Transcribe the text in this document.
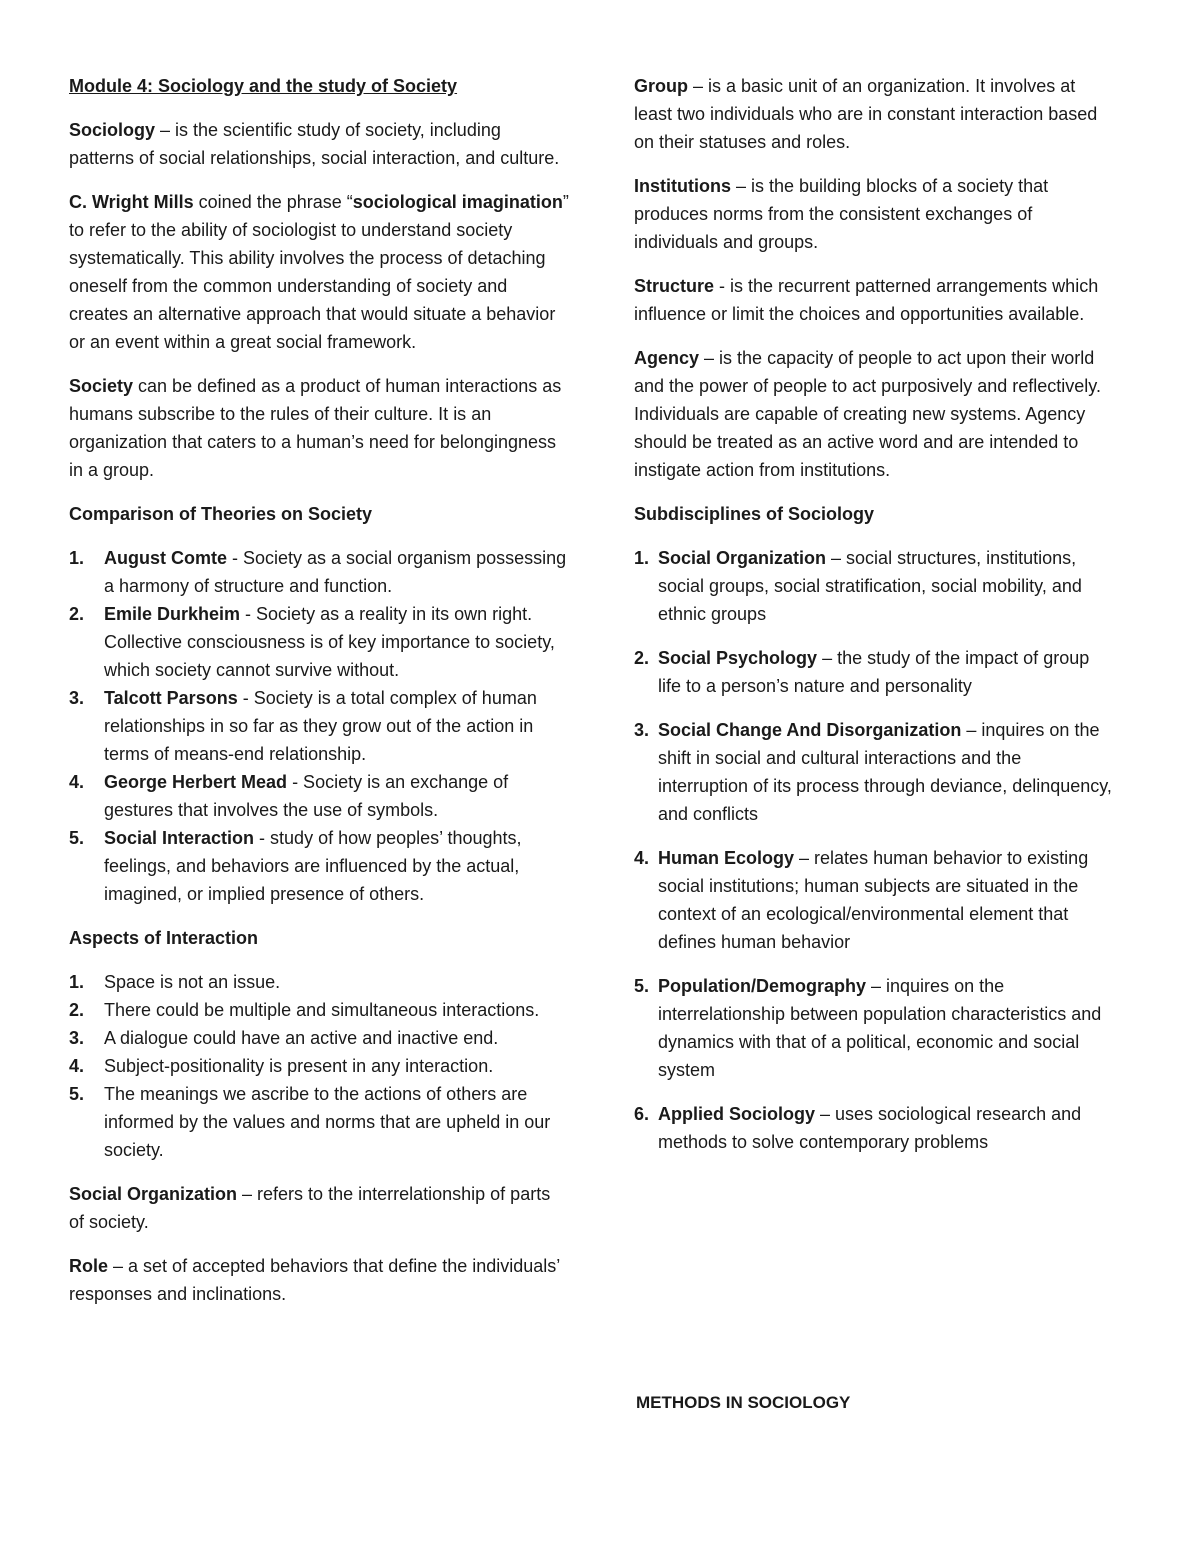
Module 4: Sociology and the study of Society

Sociology – is the scientific study of society, including patterns of social relationships, social interaction, and culture.

C. Wright Mills coined the phrase “sociological imagination” to refer to the ability of sociologist to understand society systematically. This ability involves the process of detaching oneself from the common understanding of society and creates an alternative approach that would situate a behavior or an event within a great social framework.

Society can be defined as a product of human interactions as humans subscribe to the rules of their culture. It is an organization that caters to a human’s need for belongingness in a group.

Comparison of Theories on Society

1. August Comte - Society as a social organism possessing a harmony of structure and function.
2. Emile Durkheim - Society as a reality in its own right. Collective consciousness is of key importance to society, which society cannot survive without.
3. Talcott Parsons - Society is a total complex of human relationships in so far as they grow out of the action in terms of means-end relationship.
4. George Herbert Mead - Society is an exchange of gestures that involves the use of symbols.
5. Social Interaction - study of how peoples’ thoughts, feelings, and behaviors are influenced by the actual, imagined, or implied presence of others.

Aspects of Interaction

1. Space is not an issue.
2. There could be multiple and simultaneous interactions.
3. A dialogue could have an active and inactive end.
4. Subject-positionality is present in any interaction.
5. The meanings we ascribe to the actions of others are informed by the values and norms that are upheld in our society.

Social Organization – refers to the interrelationship of parts of society.

Role – a set of accepted behaviors that define the individuals’ responses and inclinations.

Group – is a basic unit of an organization. It involves at least two individuals who are in constant interaction based on their statuses and roles.

Institutions – is the building blocks of a society that produces norms from the consistent exchanges of individuals and groups.

Structure - is the recurrent patterned arrangements which influence or limit the choices and opportunities available.

Agency – is the capacity of people to act upon their world and the power of people to act purposively and reflectively. Individuals are capable of creating new systems. Agency should be treated as an active word and are intended to instigate action from institutions.

Subdisciplines of Sociology

1. Social Organization – social structures, institutions, social groups, social stratification, social mobility, and ethnic groups
2. Social Psychology – the study of the impact of group life to a person’s nature and personality
3. Social Change And Disorganization – inquires on the shift in social and cultural interactions and the interruption of its process through deviance, delinquency, and conflicts
4. Human Ecology – relates human behavior to existing social institutions; human subjects are situated in the context of an ecological/environmental element that defines human behavior
5. Population/Demography – inquires on the interrelationship between population characteristics and dynamics with that of a political, economic and social system
6. Applied Sociology – uses sociological research and methods to solve contemporary problems
METHODS IN SOCIOLOGY
